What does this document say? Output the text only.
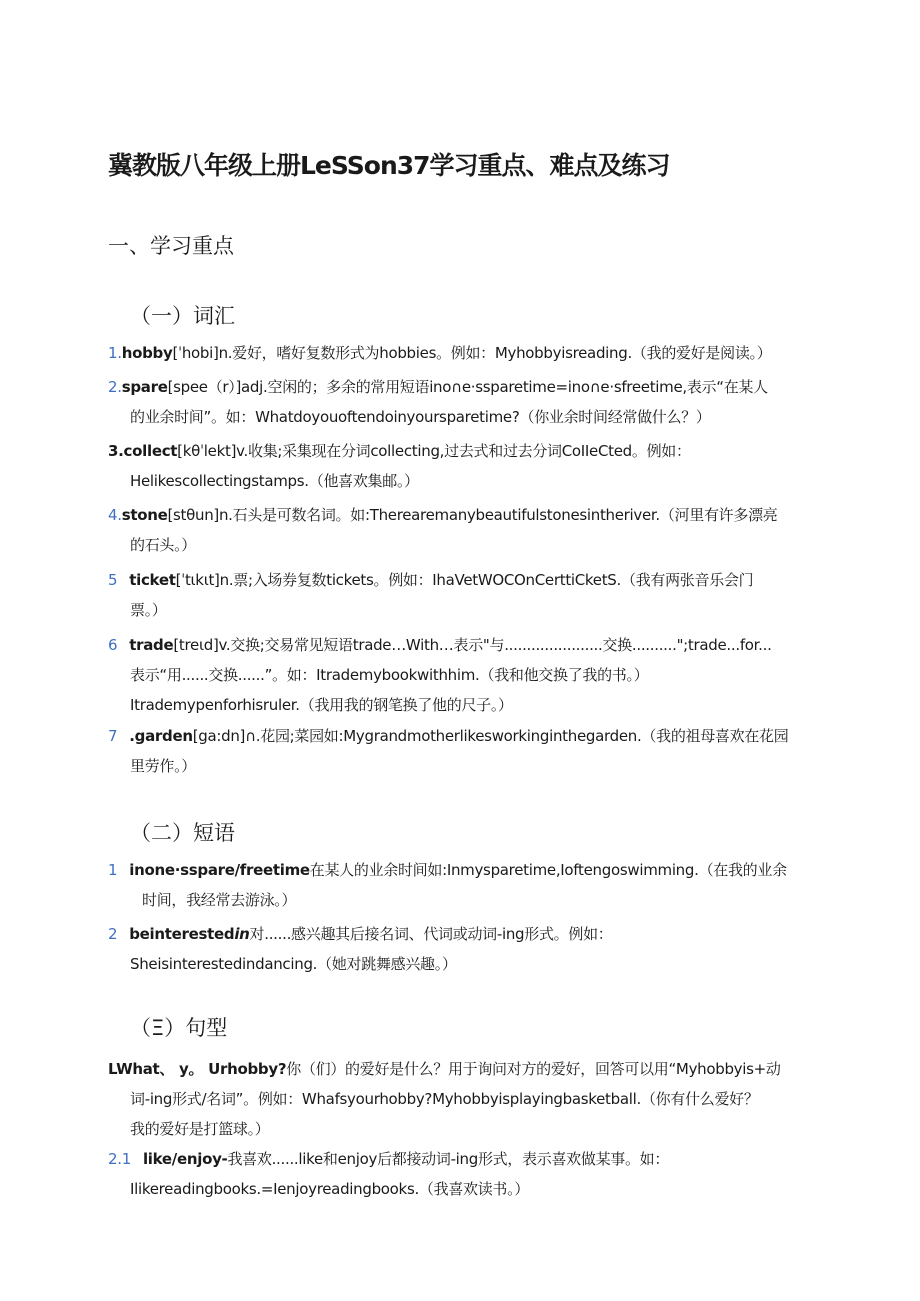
冀教版八年级上册LeSSon37学习重点、难点及练习
一、学习重点
（一）词汇
1.hobby[ˈhobi]n.爱好，嗜好复数形式为hobbies。例如：Myhobbyisreading.（我的爱好是阅读。）
2.spare[spee（r）]adj.空闲的；多余的常用短语ino∩e·ssparetime=ino∩e·sfreetime,表示“在某人
的业余时间”。如：Whatdoyouoftendoinyoursparetime?（你业余时间经常做什么？）
3.collect[kθˈlekt]v.收集;采集现在分词collecting,过去式和过去分词CoIIeCted。例如：
Helikescollectingstamps.（他喜欢集邮。）
4.stone[stθun]n.石头是可数名词。如:Therearemanybeautifulstonesintheriver.（河里有许多漂亮
的石头。）
5 ticket[ˈtιkιt]n.票;入场券复数tickets。例如：IhaVetWOCOnCerttiCketS.（我有两张音乐会门
票。）
6 trade[treιd]v.交换;交易常见短语trade…With…表示"与......................交换..........";trade...for...
表示“用......交换......”。如：Itrademybookwithhim.（我和他交换了我的书。）
Itrademypenforhisruler.（我用我的钢笔换了他的尺子。）
7 .garden[ga:dn]∩.花园;菜园如:Mygrandmotherlikesworkinginthegarden.（我的祖母喜欢在花园
里劳作。）
（二）短语
1 inone·sspare/freetime在某人的业余时间如:Inmysparetime,Ioftengoswimming.（在我的业余
时间，我经常去游泳。）
2 beinterestedin对......感兴趣其后接名词、代词或动词-ing形式。例如：
Sheisinterestedindancing.（她对跳舞感兴趣。）
（Ξ）句型
LWhat、 y。 Urhobby?你（们）的爱好是什么？用于询问对方的爱好，回答可以用“Myhobbyis+动
词-ing形式/名词”。例如：Whafsyourhobby?Myhobbyisplayingbasketball.（你有什么爱好？
我的爱好是打篮球。）
2.1 like/enjoy-我喜欢......like和enjoy后都接动词-ing形式，表示喜欢做某事。如：
Ilikereadingbooks.=Ienjoyreadingbooks.（我喜欢读书。）
